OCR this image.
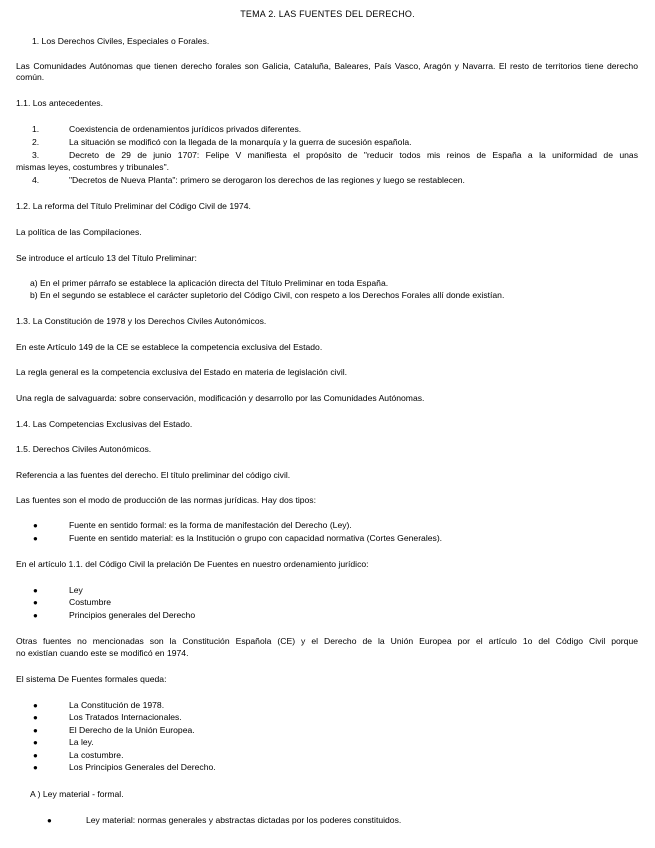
TEMA 2. LAS FUENTES DEL DERECHO.
1. Los Derechos Civiles, Especiales o Forales.
Las Comunidades Autónomas que tienen derecho forales son Galicia, Cataluña, Baleares, País Vasco, Aragón y Navarra. El resto de territorios tiene derecho común.
1.1. Los antecedentes.
1.	Coexistencia de ordenamientos jurídicos privados diferentes.
2.	La situación se modificó con la llegada de la monarquía y la guerra de sucesión española.
3.	Decreto de 29 de junio 1707: Felipe V manifiesta el propósito de "reducir todos mis reinos de España a la uniformidad de unas
mismas leyes, costumbres y tribunales".
4.	"Decretos de Nueva Planta": primero se derogaron los derechos de las regiones y luego se restablecen.
1.2. La reforma del Título Preliminar del Código Civil de 1974.
La política de las Compilaciones.
Se introduce el artículo 13 del Título Preliminar:
a) En el primer párrafo se establece la aplicación directa del Título Preliminar en toda España.
b) En el segundo se establece el carácter supletorio del Código Civil, con respeto a los Derechos Forales allí donde existían.
1.3. La Constitución de 1978 y los Derechos Civiles Autonómicos.
En este Artículo 149 de la CE se establece la competencia exclusiva del Estado.
La regla general es la competencia exclusiva del Estado en materia de legislación civil.
Una regla de salvaguarda: sobre conservación, modificación y desarrollo por las Comunidades Autónomas.
1.4. Las Competencias Exclusivas del Estado.
1.5. Derechos Civiles Autonómicos.
Referencia a las fuentes del derecho. El título preliminar del código civil.
Las fuentes son el modo de producción de las normas jurídicas. Hay dos tipos:
●	Fuente en sentido formal: es la forma de manifestación del Derecho (Ley).
●	Fuente en sentido material: es la Institución o grupo con capacidad normativa (Cortes Generales).
En el artículo 1.1. del Código Civil la prelación De Fuentes en nuestro ordenamiento jurídico:
●	Ley
●	Costumbre
●	Principios generales del Derecho
Otras fuentes no mencionadas son la Constitución Española (CE) y el Derecho de la Unión Europea por el artículo 1o del Código Civil porque
no existían cuando este se modificó en 1974.
El sistema De Fuentes formales queda:
●	La Constitución de 1978.
●	Los Tratados Internacionales.
●	El Derecho de la Unión Europea.
●	La ley.
●	La costumbre.
●	Los Principios Generales del Derecho.
A ) Ley material - formal.
●	Ley material: normas generales y abstractas dictadas por los poderes constituidos.
